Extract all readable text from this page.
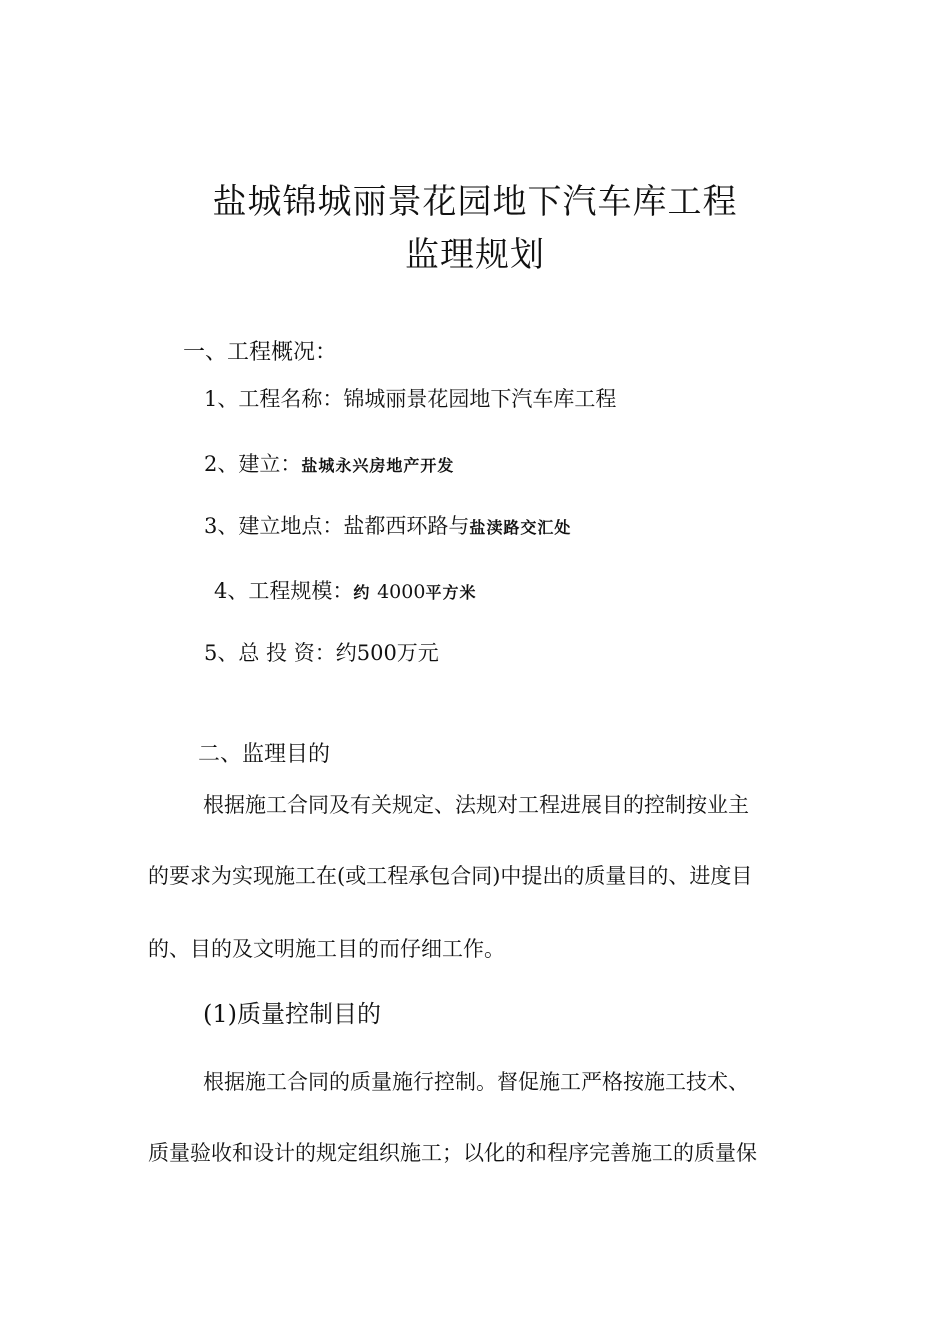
盐城锦城丽景花园地下汽车库工程
监理规划
一、工程概况：
1、工程名称：锦城丽景花园地下汽车库工程
2、建立：盐城永兴房地产开发
3、建立地点：盐都西环路与盐渎路交汇处
4、工程规模：约 4000平方米
5、总 投 资：约500万元
二、监理目的
根据施工合同及有关规定、法规对工程进展目的控制按业主
的要求为实现施工在(或工程承包合同)中提出的质量目的、进度目
的、目的及文明施工目的而仔细工作。
(1)质量控制目的
根据施工合同的质量施行控制。督促施工严格按施工技术、
质量验收和设计的规定组织施工；以化的和程序完善施工的质量保
